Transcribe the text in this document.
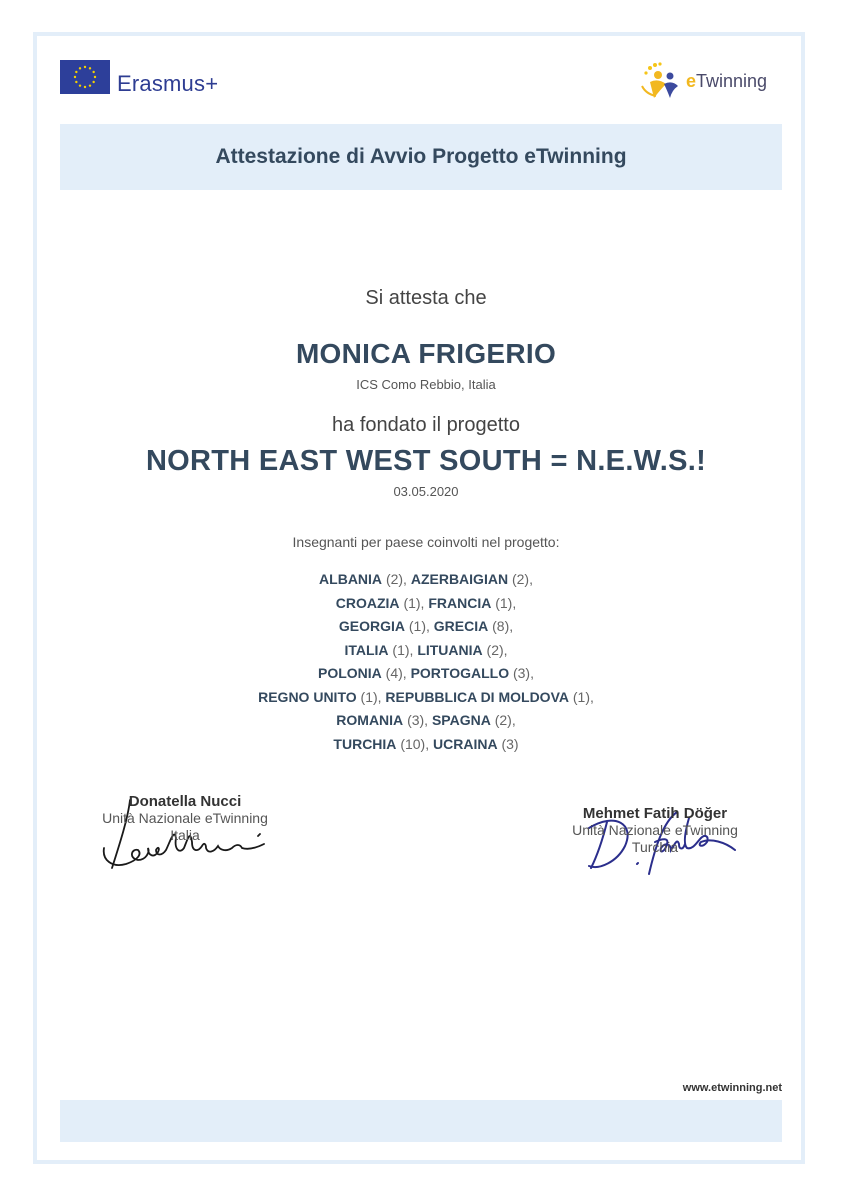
Erasmus+	eTwinning
Attestazione di Avvio Progetto eTwinning
Si attesta che
MONICA FRIGERIO
ICS Como Rebbio, Italia
ha fondato il progetto
NORTH EAST WEST SOUTH = N.E.W.S.!
03.05.2020
Insegnanti per paese coinvolti nel progetto:
ALBANIA (2), AZERBAIGIAN (2),
CROAZIA (1), FRANCIA (1),
GEORGIA (1), GRECIA (8),
ITALIA (1), LITUANIA (2),
POLONIA (4), PORTOGALLO (3),
REGNO UNITO (1), REPUBBLICA DI MOLDOVA (1),
ROMANIA (3), SPAGNA (2),
TURCHIA (10), UCRAINA (3)
Donatella Nucci
Unità Nazionale eTwinning
Italia
Mehmet Fatih Döğer
Unità Nazionale eTwinning
Turchia
www.etwinning.net
